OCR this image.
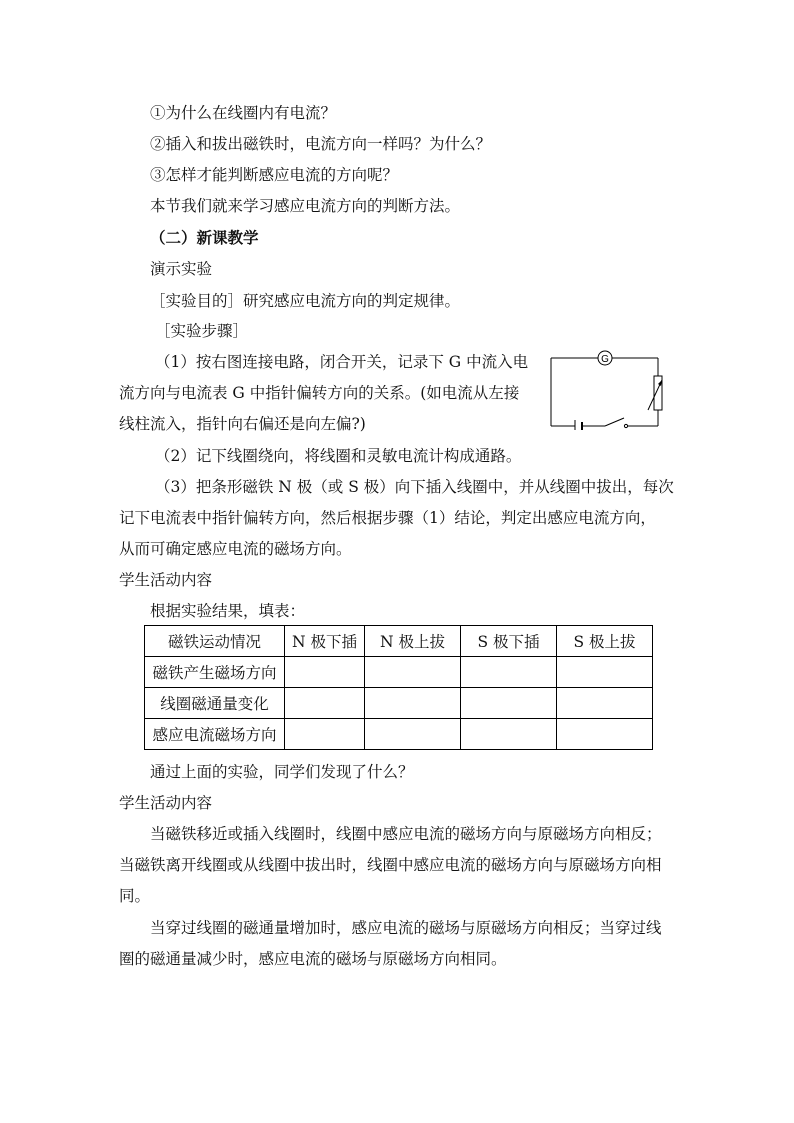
①为什么在线圈内有电流？
②插入和拔出磁铁时，电流方向一样吗？为什么？
③怎样才能判断感应电流的方向呢？
本节我们就来学习感应电流方向的判断方法。
（二）新课教学
演示实验
［实验目的］研究感应电流方向的判定规律。
［实验步骤］
（1）按右图连接电路，闭合开关，记录下 G 中流入电
流方向与电流表 G 中指针偏转方向的关系。(如电流从左接
线柱流入，指针向右偏还是向左偏?)
G
（2）记下线圈绕向，将线圈和灵敏电流计构成通路。
（3）把条形磁铁 N 极（或 S 极）向下插入线圈中，并从线圈中拔出，每次
记下电流表中指针偏转方向，然后根据步骤（1）结论，判定出感应电流方向，
从而可确定感应电流的磁场方向。
学生活动内容
根据实验结果，填表：
磁铁运动情况	N 极下插	N 极上拔	S 极下插	S 极上拔
磁铁产生磁场方向				
线圈磁通量变化				
感应电流磁场方向				
通过上面的实验，同学们发现了什么？
学生活动内容
当磁铁移近或插入线圈时，线圈中感应电流的磁场方向与原磁场方向相反；
当磁铁离开线圈或从线圈中拔出时，线圈中感应电流的磁场方向与原磁场方向相
同。
当穿过线圈的磁通量增加时，感应电流的磁场与原磁场方向相反；当穿过线
圈的磁通量减少时，感应电流的磁场与原磁场方向相同。
